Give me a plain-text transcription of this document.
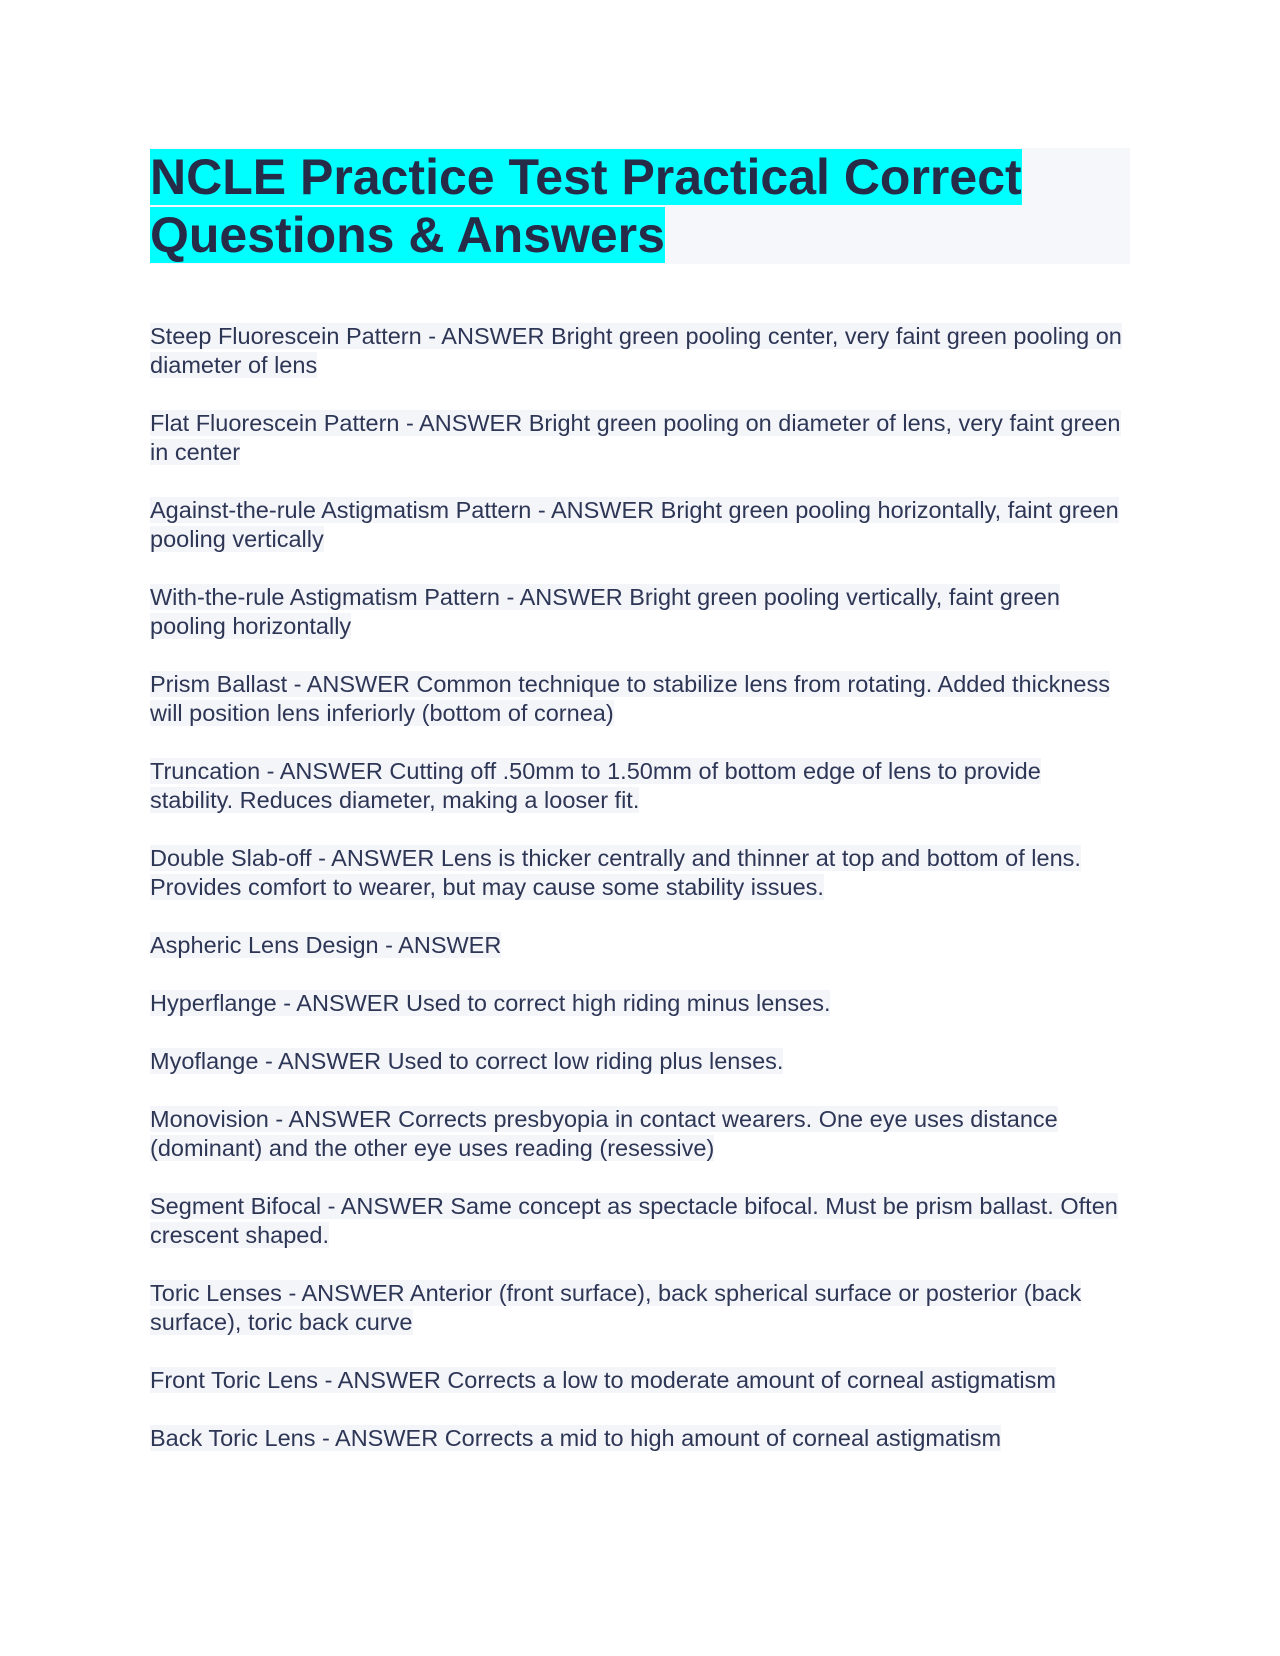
NCLE Practice Test Practical Correct Questions & Answers

Steep Fluorescein Pattern - ANSWER Bright green pooling center, very faint green pooling on diameter of lens

Flat Fluorescein Pattern - ANSWER Bright green pooling on diameter of lens, very faint green in center

Against-the-rule Astigmatism Pattern - ANSWER Bright green pooling horizontally, faint green pooling vertically

With-the-rule Astigmatism Pattern - ANSWER Bright green pooling vertically, faint green pooling horizontally

Prism Ballast - ANSWER Common technique to stabilize lens from rotating. Added thickness will position lens inferiorly (bottom of cornea)

Truncation - ANSWER Cutting off .50mm to 1.50mm of bottom edge of lens to provide stability. Reduces diameter, making a looser fit.

Double Slab-off - ANSWER Lens is thicker centrally and thinner at top and bottom of lens. Provides comfort to wearer, but may cause some stability issues.

Aspheric Lens Design - ANSWER

Hyperflange - ANSWER Used to correct high riding minus lenses.

Myoflange - ANSWER Used to correct low riding plus lenses.

Monovision - ANSWER Corrects presbyopia in contact wearers. One eye uses distance (dominant) and the other eye uses reading (resessive)

Segment Bifocal - ANSWER Same concept as spectacle bifocal. Must be prism ballast. Often crescent shaped.

Toric Lenses - ANSWER Anterior (front surface), back spherical surface or posterior (back surface), toric back curve

Front Toric Lens - ANSWER Corrects a low to moderate amount of corneal astigmatism

Back Toric Lens - ANSWER Corrects a mid to high amount of corneal astigmatism
